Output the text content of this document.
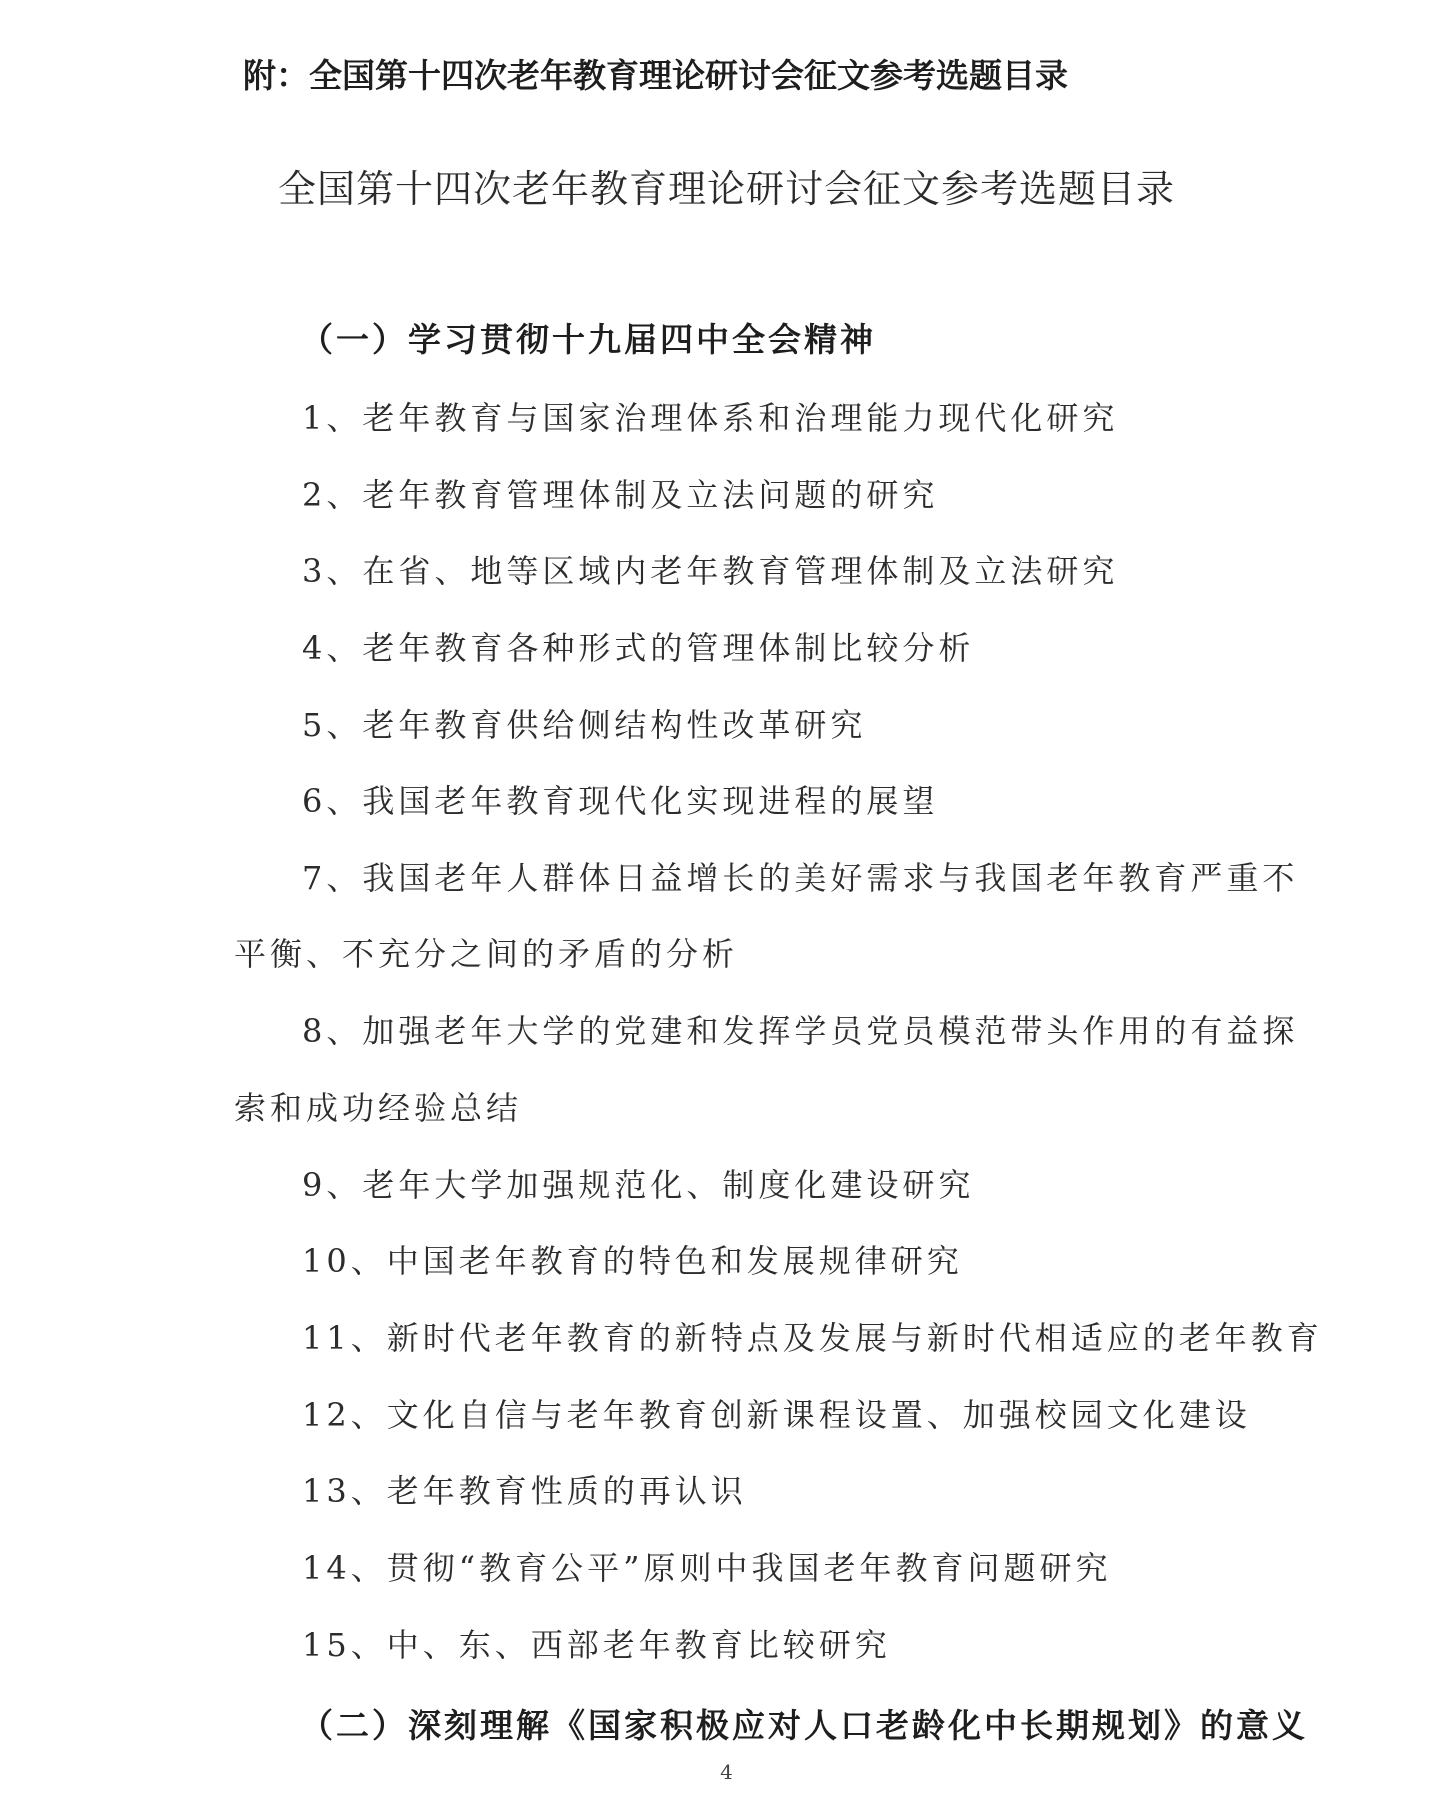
附：全国第十四次老年教育理论研讨会征文参考选题目录
全国第十四次老年教育理论研讨会征文参考选题目录
（一）学习贯彻十九届四中全会精神
1、老年教育与国家治理体系和治理能力现代化研究
2、老年教育管理体制及立法问题的研究
3、在省、地等区域内老年教育管理体制及立法研究
4、老年教育各种形式的管理体制比较分析
5、老年教育供给侧结构性改革研究
6、我国老年教育现代化实现进程的展望
7、我国老年人群体日益增长的美好需求与我国老年教育严重不
平衡、不充分之间的矛盾的分析
8、加强老年大学的党建和发挥学员党员模范带头作用的有益探
索和成功经验总结
9、老年大学加强规范化、制度化建设研究
10、中国老年教育的特色和发展规律研究
11、新时代老年教育的新特点及发展与新时代相适应的老年教育
12、文化自信与老年教育创新课程设置、加强校园文化建设
13、老年教育性质的再认识
14、贯彻“教育公平”原则中我国老年教育问题研究
15、中、东、西部老年教育比较研究
（二）深刻理解《国家积极应对人口老龄化中长期规划》的意义
4
